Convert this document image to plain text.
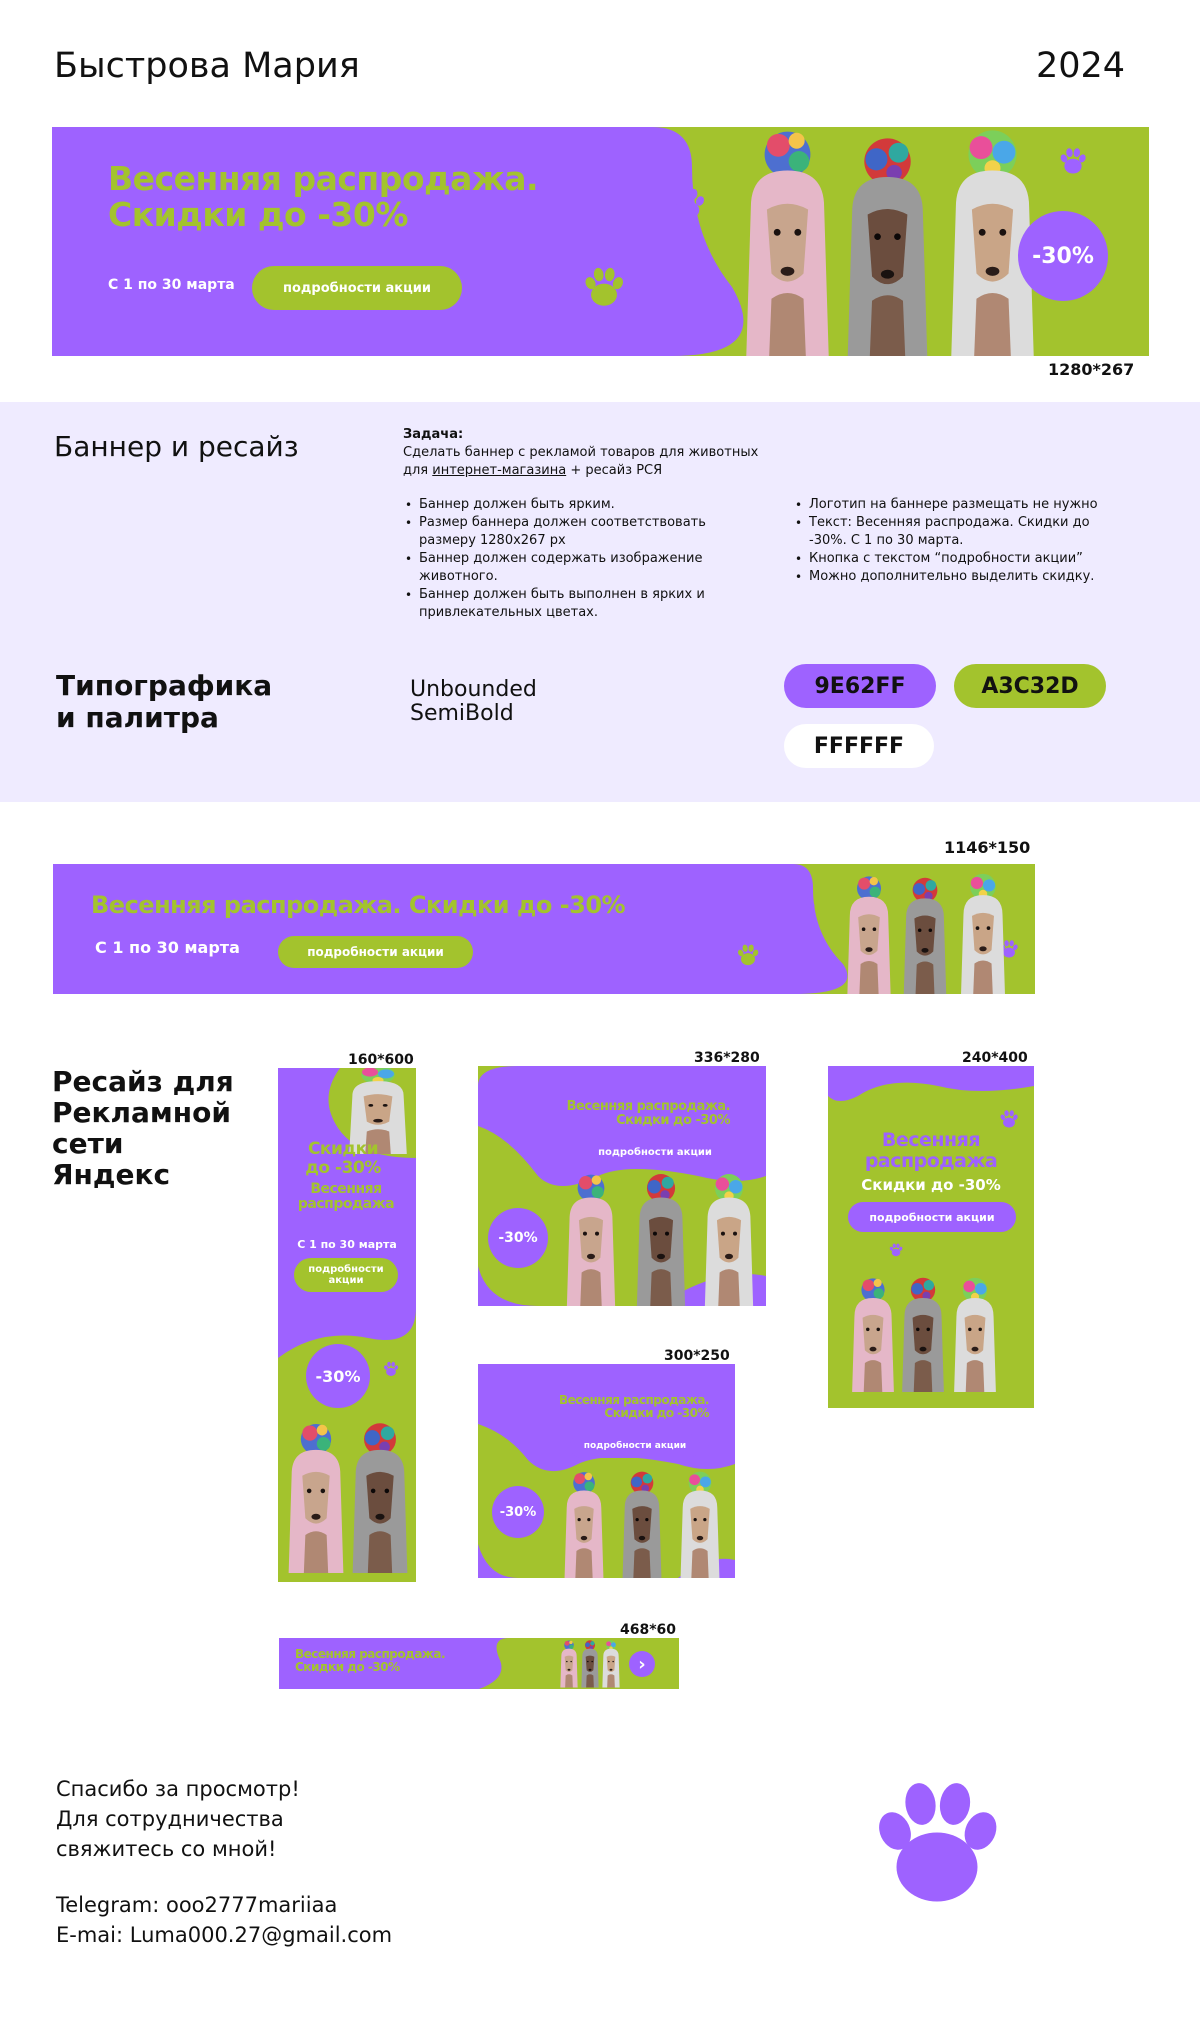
Быстрова Мария	2024
Весенняя распродажа.
Скидки до -30%
С 1 по 30 марта	подробности акции
-30%
1280*267
Баннер и ресайз	Задача:
Сделать баннер с рекламой товаров для животных
для интернет-магазина + ресайз РСЯ
• Баннер должен быть ярким.
• Размер баннера должен соответствовать размеру 1280x267 px
• Баннер должен содержать изображение животного.
• Баннер должен быть выполнен в ярких и привлекательных цветах.
• Логотип на баннере размещать не нужно
• Текст: Весенняя распродажа. Скидки до -30%. С 1 по 30 марта.
• Кнопка с текстом “подробности акции”
• Можно дополнительно выделить скидку.
Типографика
и палитра
Unbounded
SemiBold
9E62FF	A3C32D
FFFFFF
1146*150
Весенняя распродажа. Скидки до -30%
С 1 по 30 марта	подробности акции
Ресайз для
Рекламной
сети
Яндекс
160*600
Скидки
до -30%
Весенняя
распродажа
С 1 по 30 марта
подробности
акции
-30%
336*280
Весенняя распродажа.
Скидки до -30%
подробности акции
-30%
240*400
Весенняя
распродажа
Скидки до -30%
подробности акции
300*250
Весенняя распродажа.
Скидки до -30%
подробности акции
-30%
468*60
Весенняя распродажа.
Скидки до -30%	›
Спасибо за просмотр!
Для сотрудничества
свяжитесь со мной!
Telegram: ooo2777mariiaa
E-mai: Luma000.27@gmail.com
